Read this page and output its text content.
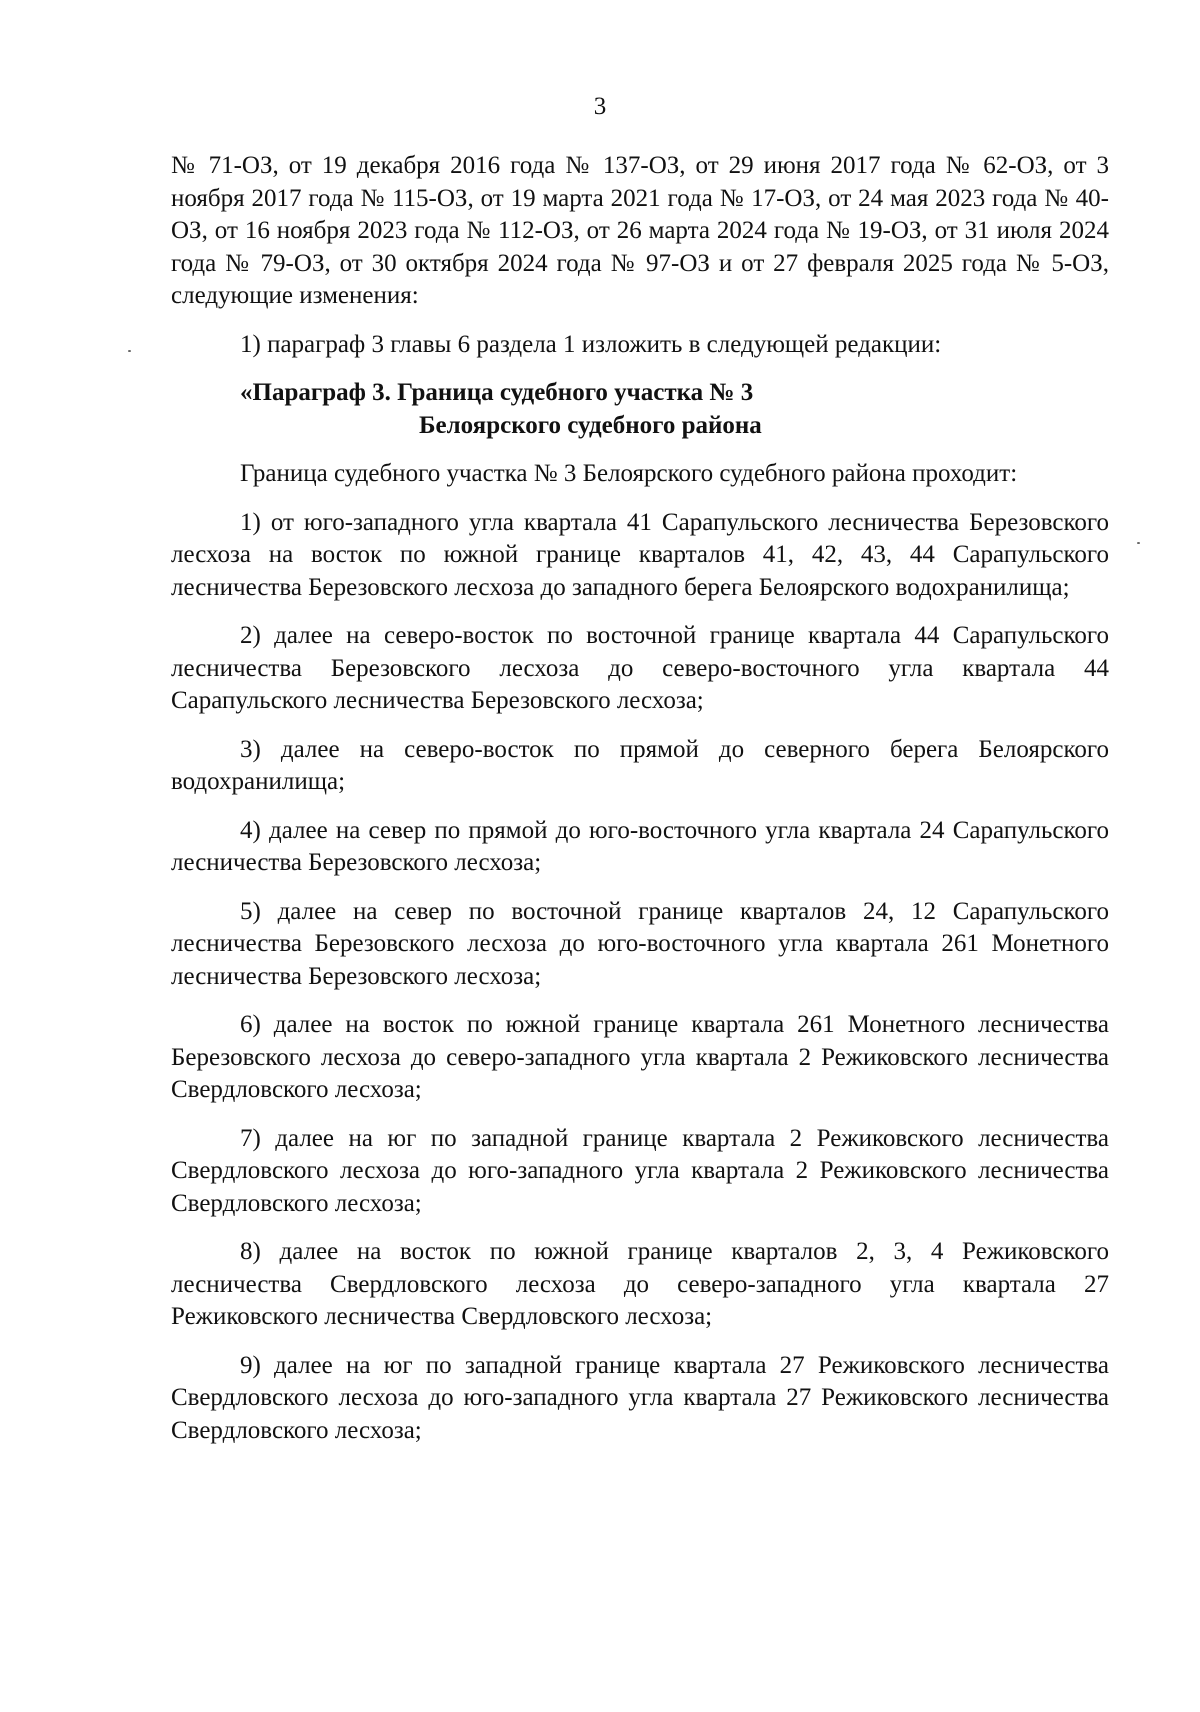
3

№ 71-ОЗ, от 19 декабря 2016 года № 137-ОЗ, от 29 июня 2017 года № 62-ОЗ, от 3 ноября 2017 года № 115-ОЗ, от 19 марта 2021 года № 17-ОЗ, от 24 мая 2023 года № 40-ОЗ, от 16 ноября 2023 года № 112-ОЗ, от 26 марта 2024 года № 19-ОЗ, от 31 июля 2024 года № 79-ОЗ, от 30 октября 2024 года № 97-ОЗ и от 27 февраля 2025 года № 5-ОЗ, следующие изменения:

1) параграф 3 главы 6 раздела 1 изложить в следующей редакции:

«Параграф 3. Граница судебного участка № 3
Белоярского судебного района

Граница судебного участка № 3 Белоярского судебного района проходит:

1) от юго-западного угла квартала 41 Сарапульского лесничества Березовского лесхоза на восток по южной границе кварталов 41, 42, 43, 44 Сарапульского лесничества Березовского лесхоза до западного берега Белоярского водохранилища;

2) далее на северо-восток по восточной границе квартала 44 Сарапульского лесничества Березовского лесхоза до северо-восточного угла квартала 44 Сарапульского лесничества Березовского лесхоза;

3) далее на северо-восток по прямой до северного берега Белоярского водохранилища;

4) далее на север по прямой до юго-восточного угла квартала 24 Сарапульского лесничества Березовского лесхоза;

5) далее на север по восточной границе кварталов 24, 12 Сарапульского лесничества Березовского лесхоза до юго-восточного угла квартала 261 Монетного лесничества Березовского лесхоза;

6) далее на восток по южной границе квартала 261 Монетного лесничества Березовского лесхоза до северо-западного угла квартала 2 Режиковского лесничества Свердловского лесхоза;

7) далее на юг по западной границе квартала 2 Режиковского лесничества Свердловского лесхоза до юго-западного угла квартала 2 Режиковского лесничества Свердловского лесхоза;

8) далее на восток по южной границе кварталов 2, 3, 4 Режиковского лесничества Свердловского лесхоза до северо-западного угла квартала 27 Режиковского лесничества Свердловского лесхоза;

9) далее на юг по западной границе квартала 27 Режиковского лесничества Свердловского лесхоза до юго-западного угла квартала 27 Режиковского лесничества Свердловского лесхоза;
